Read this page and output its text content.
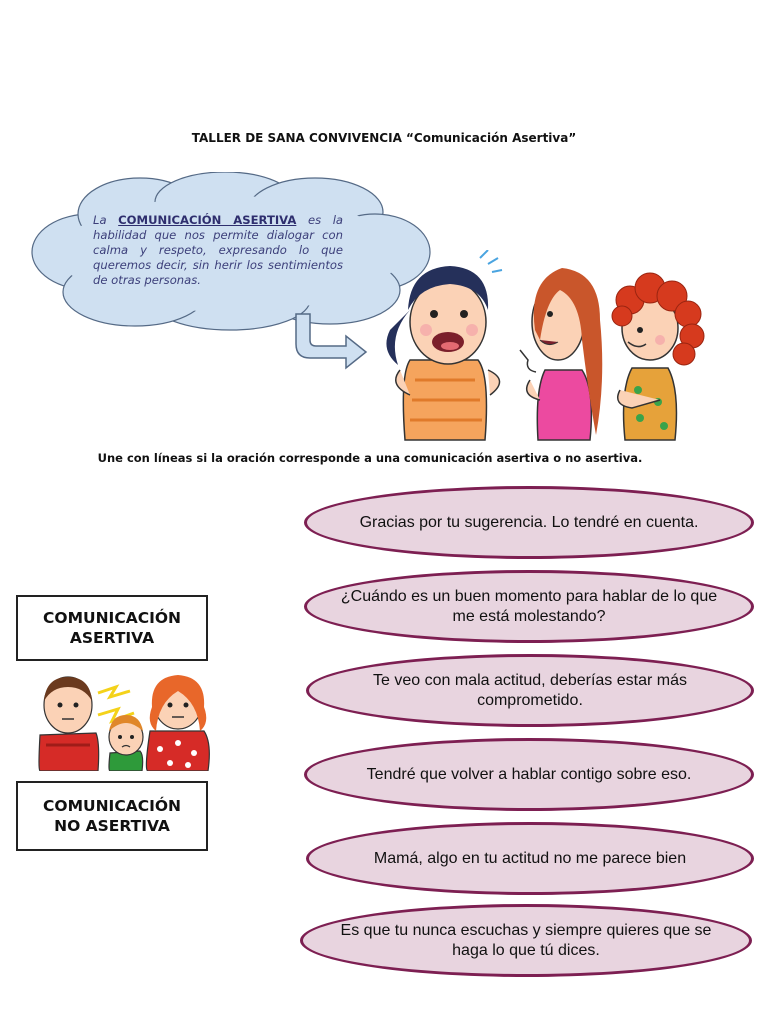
TALLER DE SANA CONVIVENCIA “Comunicación Asertiva”
La COMUNICACIÓN ASERTIVA es la habilidad que nos permite dialogar con calma y respeto, expresando lo que queremos decir, sin herir los sentimientos de otras personas.
Une con líneas si la oración corresponde a una comunicación asertiva o no asertiva.
COMUNICACIÓN
ASERTIVA
COMUNICACIÓN
NO ASERTIVA
Gracias por tu sugerencia. Lo tendré en cuenta.
¿Cuándo es un buen momento para hablar de lo que me está molestando?
Te veo con mala actitud, deberías estar más comprometido.
Tendré que volver a hablar contigo sobre eso.
Mamá, algo en tu actitud no me parece bien
Es que tu nunca escuchas y siempre quieres que se haga lo que tú dices.
